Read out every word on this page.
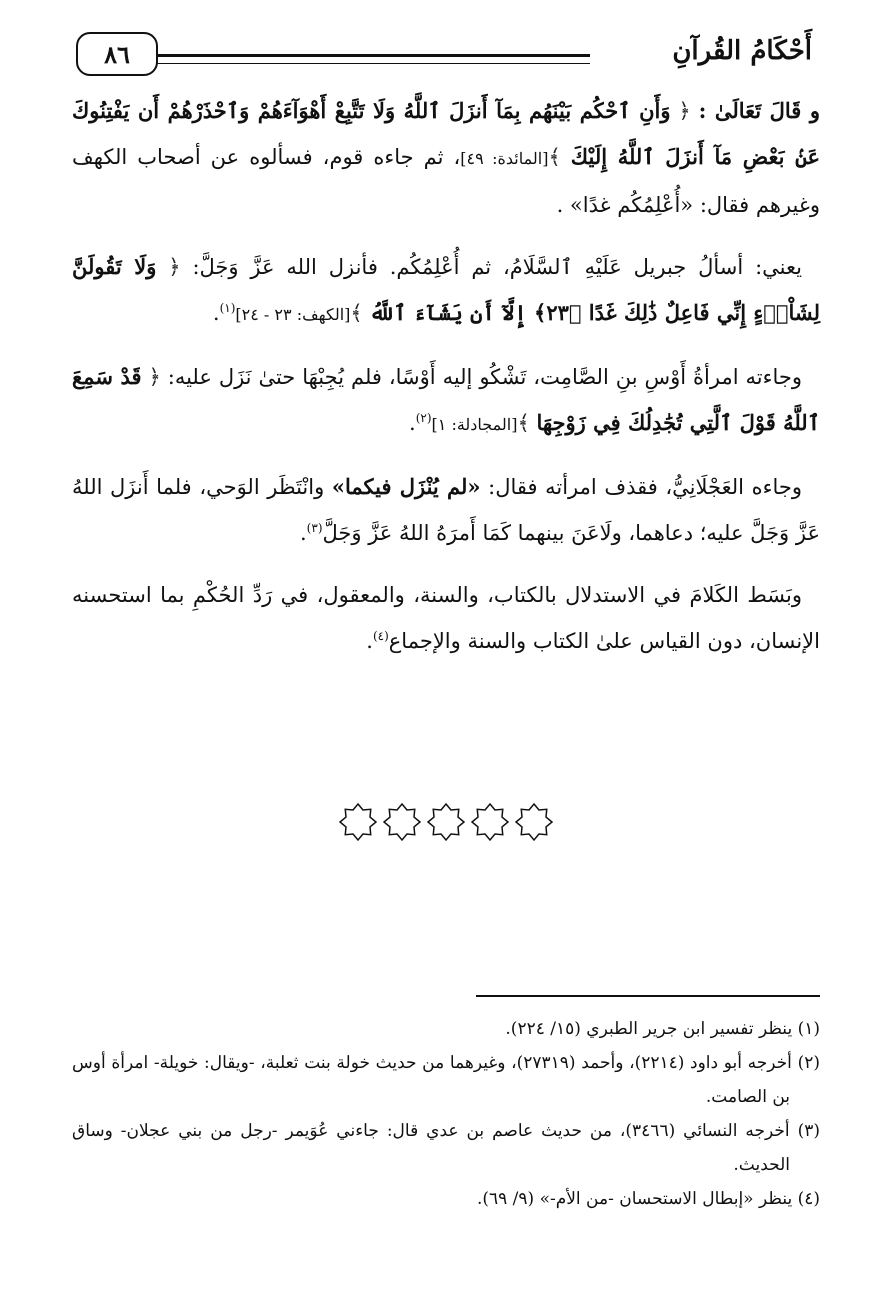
أَحْكَامُ القُرآنِ
٨٦

و قَالَ تَعَالَىٰ : ﴿ وَأَنِ ٱحْكُم بَيْنَهُم بِمَآ أَنزَلَ ٱللَّهُ وَلَا تَتَّبِعْ أَهْوَآءَهُمْ وَٱحْذَرْهُمْ أَن يَفْتِنُوكَ عَنۢ بَعْضِ مَآ أَنزَلَ ٱللَّهُ إِلَيْكَ ﴾[المائدة: ٤٩]، ثم جاءه قوم، فسألوه عن أصحاب الكهف وغيرهم فقال: «أُعْلِمُكُم غدًا» .

يعني: أسألُ جبريل عَلَيْهِ ٱلسَّلَامُ، ثم أُعْلِمُكُم. فأنزل الله عَزَّ وَجَلَّ: ﴿ وَلَا تَقُولَنَّ لِشَاْىۡءٍ إِنِّي فَاعِلٌ ذَٰلِكَ غَدًا ﴿٢٣﴾ إِلَّآ أَن يَشَآءَ ٱللَّهُ ﴾[الكهف: ٢٣ - ٢٤]$^{(١)}$.

وجاءته امرأةُ أَوْسِ بنِ الصَّامِت، تَشْكُو إليه أَوْسًا، فلم يُجِبْهَا حتىٰ نَزَل عليه: ﴿ قَدْ سَمِعَ ٱللَّهُ قَوْلَ ٱلَّتِي تُجَٰدِلُكَ فِي زَوْجِهَا ﴾[المجادلة: ١]$^{(٢)}$.

وجاءه العَجْلَانِيُّ، فقذف امرأته فقال: «لم يُنْزَل فيكما» وانْتَظَر الوَحي، فلما أَنزَل اللهُ عَزَّ وَجَلَّ عليه؛ دعاهما، ولَاعَنَ بينهما كَمَا أَمرَهُ اللهُ عَزَّ وَجَلَّ$^{(٣)}$.

وبَسَط الكَلامَ في الاستدلال بالكتاب، والسنة، والمعقول، في رَدِّ الحُكْمِ بما استحسنه الإنسان، دون القياس علىٰ الكتاب والسنة والإجماع$^{(٤)}$.

(١) ينظر تفسير ابن جرير الطبري (١٥/ ٢٢٤).

(٢) أخرجه أبو داود (٢٢١٤)، وأحمد (٢٧٣١٩)، وغيرهما من حديث خولة بنت ثعلبة، -ويقال: خويلة- امرأة أوس بن الصامت.

(٣) أخرجه النسائي (٣٤٦٦)، من حديث عاصم بن عدي قال: جاءني عُوَيمر -رجل من بني عجلان- وساق الحديث.

(٤) ينظر «إبطال الاستحسان -من الأم-» (٩/ ٦٩).
